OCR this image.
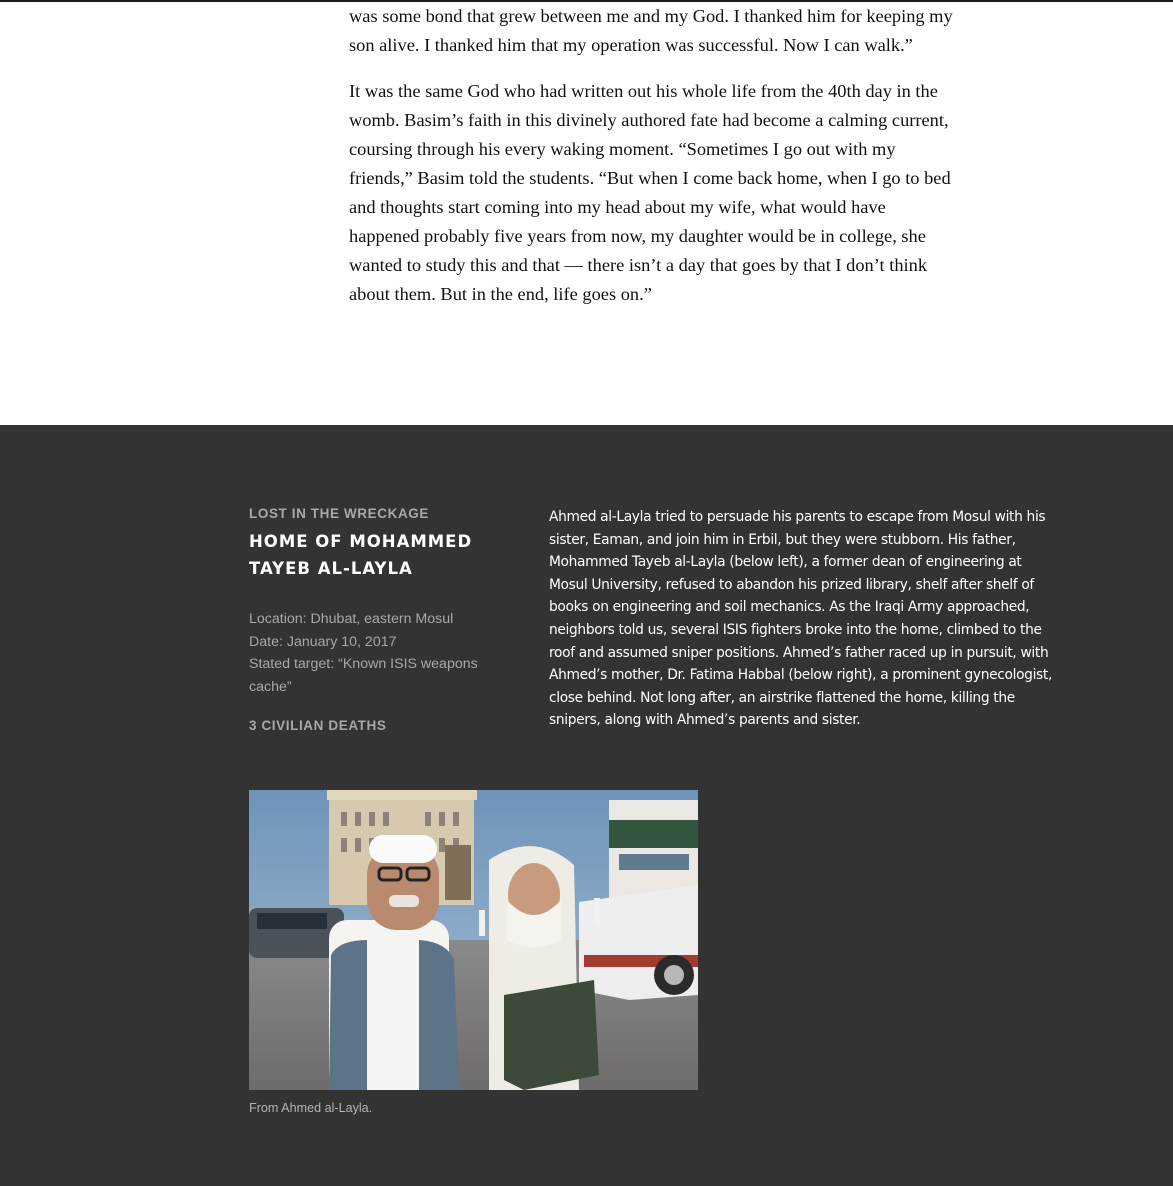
was some bond that grew between me and my God. I thanked him for keeping my son alive. I thanked him that my operation was successful. Now I can walk.”

It was the same God who had written out his whole life from the 40th day in the womb. Basim’s faith in this divinely authored fate had become a calming current, coursing through his every waking moment. “Sometimes I go out with my friends,” Basim told the students. “But when I come back home, when I go to bed and thoughts start coming into my head about my wife, what would have happened probably five years from now, my daughter would be in college, she wanted to study this and that — there isn’t a day that goes by that I don’t think about them. But in the end, life goes on.”

LOST IN THE WRECKAGE
HOME OF MOHAMMED
TAYEB AL-LAYLA
Location: Dhubat, eastern Mosul
Date: January 10, 2017
Stated target: “Known ISIS weapons cache”
3 CIVILIAN DEATHS

Ahmed al-Layla tried to persuade his parents to escape from Mosul with his sister, Eaman, and join him in Erbil, but they were stubborn. His father, Mohammed Tayeb al-Layla (below left), a former dean of engineering at Mosul University, refused to abandon his prized library, shelf after shelf of books on engineering and soil mechanics. As the Iraqi Army approached, neighbors told us, several ISIS fighters broke into the home, climbed to the roof and assumed sniper positions. Ahmed’s father raced up in pursuit, with Ahmed’s mother, Dr. Fatima Habbal (below right), a prominent gynecologist, close behind. Not long after, an airstrike flattened the home, killing the snipers, along with Ahmed’s parents and sister.

From Ahmed al-Layla.
